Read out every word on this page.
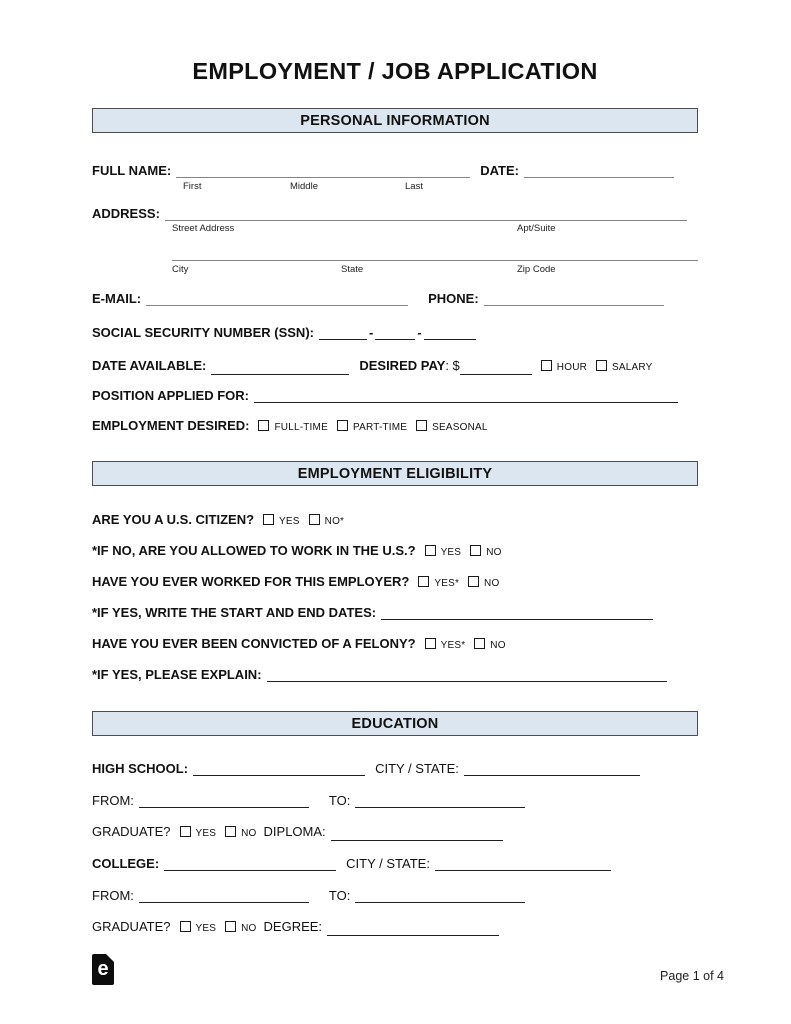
EMPLOYMENT / JOB APPLICATION
PERSONAL INFORMATION
FULL NAME:	DATE:
First	Middle	Last
ADDRESS:
Street Address	Apt/Suite
City	State	Zip Code
E-MAIL:	PHONE:
SOCIAL SECURITY NUMBER (SSN):	-	-
DATE AVAILABLE:	DESIRED PAY: $	HOUR	SALARY
POSITION APPLIED FOR:
EMPLOYMENT DESIRED:	FULL-TIME	PART-TIME	SEASONAL
EMPLOYMENT ELIGIBILITY
ARE YOU A U.S. CITIZEN?	YES	NO*
*IF NO, ARE YOU ALLOWED TO WORK IN THE U.S.?	YES	NO
HAVE YOU EVER WORKED FOR THIS EMPLOYER?	YES*	NO
*IF YES, WRITE THE START AND END DATES:
HAVE YOU EVER BEEN CONVICTED OF A FELONY?	YES*	NO
*IF YES, PLEASE EXPLAIN:
EDUCATION
HIGH SCHOOL:	CITY / STATE:
FROM:	TO:
GRADUATE?	YES	NO DIPLOMA:
COLLEGE:	CITY / STATE:
FROM:	TO:
GRADUATE?	YES	NO DEGREE:
e	Page 1 of 4
